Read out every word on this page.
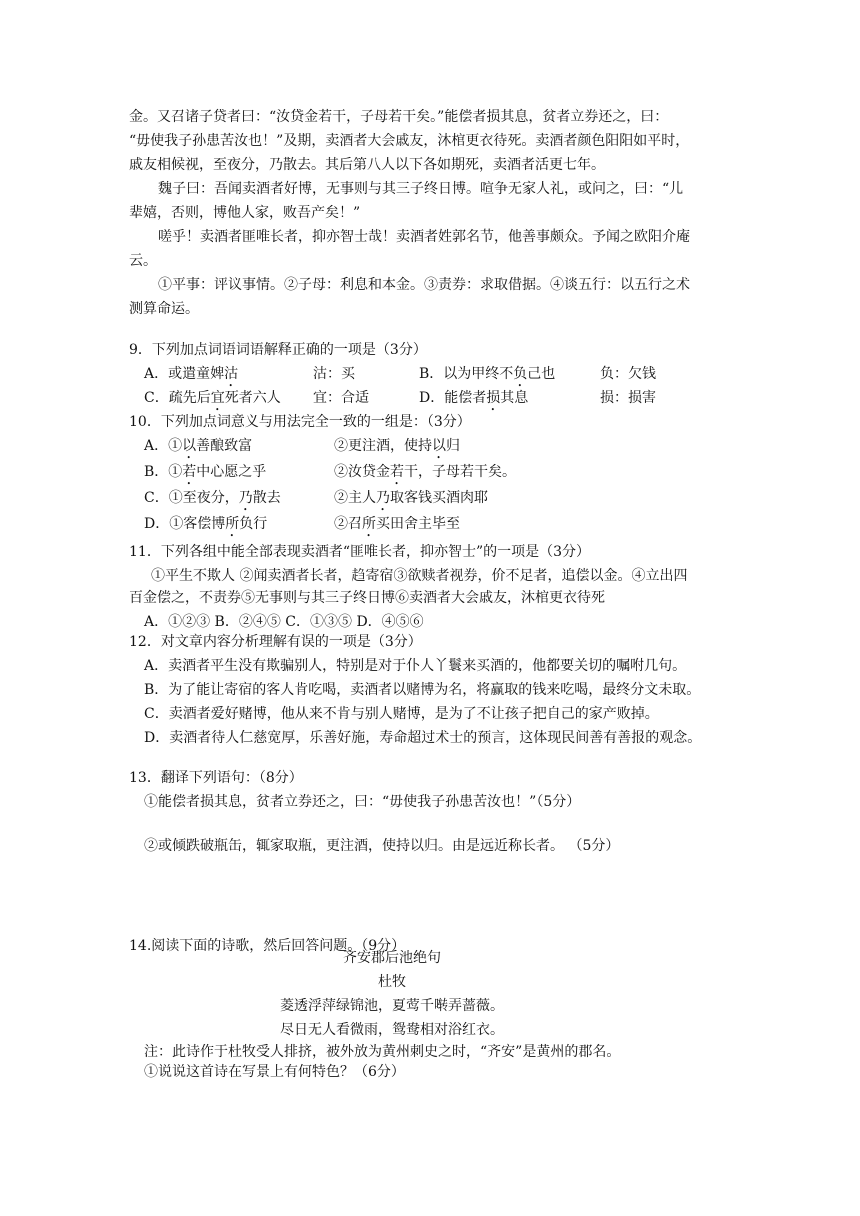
金。又召诸子贷者曰：“汝贷金若干，子母若干矣。”能偿者损其息，贫者立券还之，曰：
“毋使我子孙患苦汝也！”及期，卖酒者大会戚友，沐棺更衣待死。卖酒者颜色阳阳如平时，
戚友相候视，至夜分，乃散去。其后第八人以下各如期死，卖酒者活更七年。
魏子曰：吾闻卖酒者好博，无事则与其三子终日博。喧争无家人礼，或问之，曰：“儿
辈嬉，否则，博他人家，败吾产矣！”
嗟乎！卖酒者匪唯长者，抑亦智士哉！卖酒者姓郭名节，他善事颇众。予闻之欧阳介庵
云。
①平事：评议事情。②子母：利息和本金。③责券：求取借据。④谈五行：以五行之术
测算命运。
9．下列加点词语词语解释正确的一项是（3分）
A．或遣童婢沽	沽：买	B．以为甲终不负己也	负：欠钱
C．疏先后宜死者六人 宜：合适	D．能偿者损其息	损：损害
10．下列加点词意义与用法完全一致的一组是：（3分）
A．①以善酿致富	②更注酒，使持以归
B．①若中心愿之乎	②汝贷金若干，子母若干矣。
C．①至夜分，乃散去	②主人乃取客钱买酒肉耶
D．①客偿博所负行	②召所买田舍主毕至
11．下列各组中能全部表现卖酒者“匪唯长者，抑亦智士”的一项是（3分）
①平生不欺人 ②闻卖酒者长者，趋寄宿③欲赎者视券，价不足者，追偿以金。④立出四
百金偿之，不责券⑤无事则与其三子终日博⑥卖酒者大会戚友，沐棺更衣待死
A．①②③ B．②④⑤ C．①③⑤ D．④⑤⑥
12．对文章内容分析理解有误的一项是（3分）
A．卖酒者平生没有欺骗别人，特别是对于仆人丫鬟来买酒的，他都要关切的嘱咐几句。
B．为了能让寄宿的客人肯吃喝，卖酒者以赌博为名，将赢取的钱来吃喝，最终分文未取。
C．卖酒者爱好赌博，他从来不肯与别人赌博，是为了不让孩子把自己的家产败掉。
D．卖酒者待人仁慈宽厚，乐善好施，寿命超过术士的预言，这体现民间善有善报的观念。
13．翻译下列语句：（8分）
①能偿者损其息，贫者立券还之，曰：“毋使我子孙患苦汝也！”（5分）
②或倾跌破瓶缶，辄家取瓶，更注酒，使持以归。由是远近称长者。 （5分）
14.阅读下面的诗歌，然后回答问题。（9分）
齐安郡后池绝句
杜牧
菱透浮萍绿锦池，夏莺千啭弄蔷薇。
尽日无人看微雨，鸳鸯相对浴红衣。
注：此诗作于杜牧受人排挤，被外放为黄州刺史之时，“齐安”是黄州的郡名。
①说说这首诗在写景上有何特色？（6分）
